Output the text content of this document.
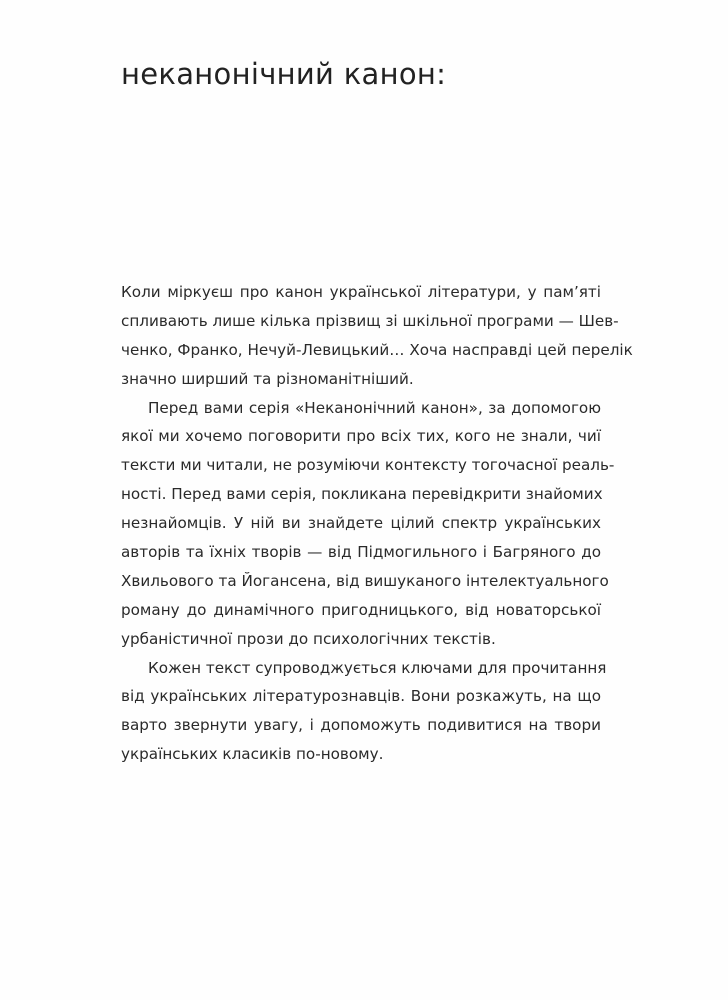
неканонічний канон:
Коли міркуєш про канон української літератури, у пам’яті
спливають лише кілька прізвищ зі шкільної програми — Шев-
ченко, Франко, Нечуй-Левицький… Хоча насправді цей перелік
значно ширший та різноманітніший.
Перед вами серія «Неканонічний канон», за допомогою
якої ми хочемо поговорити про всіх тих, кого не знали, чиї
тексти ми читали, не розуміючи контексту тогочасної реаль-
ності. Перед вами серія, покликана перевідкрити знайомих
незнайомців. У ній ви знайдете цілий спектр українських
авторів та їхніх творів — від Підмогильного і Багряного до
Хвильового та Йогансена, від вишуканого інтелектуального
роману до динамічного пригодницького, від новаторської
урбаністичної прози до психологічних текстів.
Кожен текст супроводжується ключами для прочитання
від українських літературознавців. Вони розкажуть, на що
варто звернути увагу, і допоможуть подивитися на твори
українських класиків по-новому.
